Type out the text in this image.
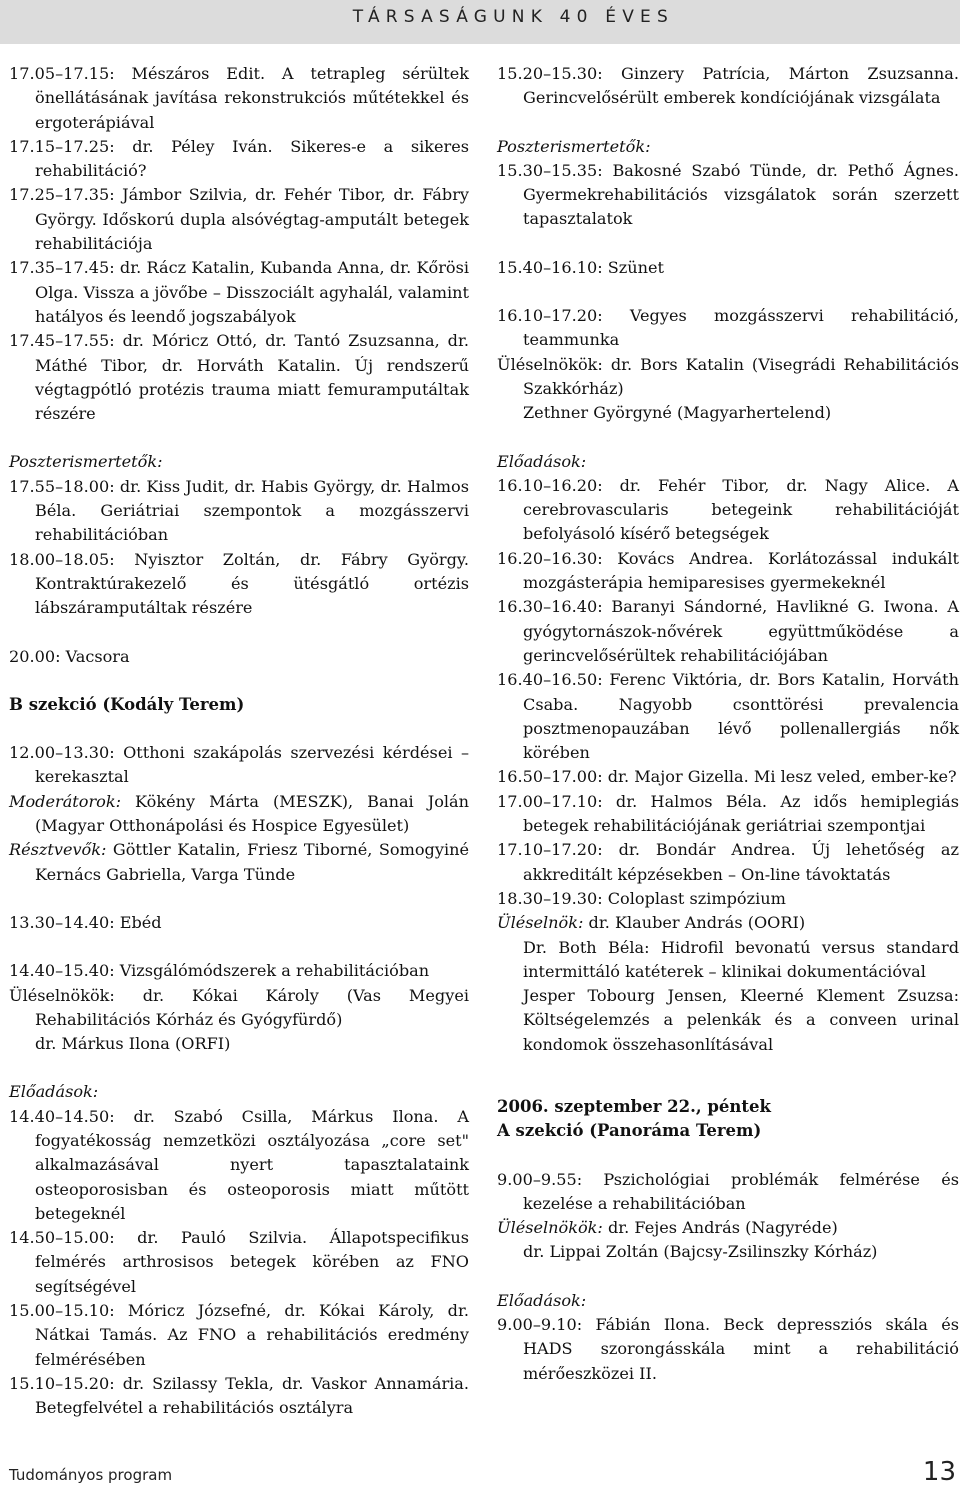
TÁRSASÁGUNK 40 ÉVES
17.05–17.15: Mészáros Edit. A tetrapleg sérültek önellátásának javítása rekonstrukciós műtétekkel és ergoterápiával
17.15–17.25: dr. Péley Iván. Sikeres-e a sikeres rehabilitáció?
17.25–17.35: Jámbor Szilvia, dr. Fehér Tibor, dr. Fábry György. Időskorú dupla alsóvégtag-amputált betegek rehabilitációja
17.35–17.45: dr. Rácz Katalin, Kubanda Anna, dr. Kőrösi Olga. Vissza a jövőbe – Disszociált agyhalál, valamint hatályos és leendő jogszabályok
17.45–17.55: dr. Móricz Ottó, dr. Tantó Zsuzsanna, dr. Máthé Tibor, dr. Horváth Katalin. Új rendszerű végtagpótló protézis trauma miatt femuramputáltak részére
Poszterismertetők:
17.55–18.00: dr. Kiss Judit, dr. Habis György, dr. Halmos Béla. Geriátriai szempontok a mozgásszervi rehabilitációban
18.00–18.05: Nyisztor Zoltán, dr. Fábry György. Kontraktúrakezelő és ütésgátló ortézis lábszáramputáltak részére
20.00: Vacsora
B szekció (Kodály Terem)
12.00–13.30: Otthoni szakápolás szervezési kérdései – kerekasztal
Moderátorok: Kökény Márta (MESZK), Banai Jolán (Magyar Otthonápolási és Hospice Egyesület)
Résztvevők: Göttler Katalin, Friesz Tiborné, Somogyiné Kernács Gabriella, Varga Tünde
13.30–14.40: Ebéd
14.40–15.40: Vizsgálómódszerek a rehabilitációban
Üléselnökök: dr. Kókai Károly (Vas Megyei Rehabilitációs Kórház és Gyógyfürdő)
dr. Márkus Ilona (ORFI)
Előadások:
14.40–14.50: dr. Szabó Csilla, Márkus Ilona. A fogyatékosság nemzetközi osztályozása „core set" alkalmazásával nyert tapasztalataink osteoporosisban és osteoporosis miatt műtött betegeknél
14.50–15.00: dr. Pauló Szilvia. Állapotspecifikus felmérés arthrosisos betegek körében az FNO segítségével
15.00–15.10: Móricz Józsefné, dr. Kókai Károly, dr. Nátkai Tamás. Az FNO a rehabilitációs eredmény felmérésében
15.10–15.20: dr. Szilassy Tekla, dr. Vaskor Annamária. Betegfelvétel a rehabilitációs osztályra
15.20–15.30: Ginzery Patrícia, Márton Zsuzsanna. Gerincvelősérült emberek kondíciójának vizsgálata
Poszterismertetők:
15.30–15.35: Bakosné Szabó Tünde, dr. Pethő Ágnes. Gyermekrehabilitációs vizsgálatok során szerzett tapasztalatok
15.40–16.10: Szünet
16.10–17.20: Vegyes mozgásszervi rehabilitáció, teammunka
Üléselnökök: dr. Bors Katalin (Visegrádi Rehabilitációs Szakkórház)
Zethner Györgyné (Magyarhertelend)
Előadások:
16.10–16.20: dr. Fehér Tibor, dr. Nagy Alice. A cerebrovascularis betegeink rehabilitációját befolyásoló kísérő betegségek
16.20–16.30: Kovács Andrea. Korlátozással indukált mozgásterápia hemiparesises gyermekeknél
16.30–16.40: Baranyi Sándorné, Havlikné G. Iwona. A gyógytornászok-nővérek együttműködése a gerincvelősérültek rehabilitációjában
16.40–16.50: Ferenc Viktória, dr. Bors Katalin, Horváth Csaba. Nagyobb csonttörési prevalencia posztmenopauzában lévő pollenallergiás nők körében
16.50–17.00: dr. Major Gizella. Mi lesz veled, ember-ke?
17.00–17.10: dr. Halmos Béla. Az idős hemiplegiás betegek rehabilitációjának geriátriai szempontjai
17.10–17.20: dr. Bondár Andrea. Új lehetőség az akkreditált képzésekben – On-line távoktatás
18.30–19.30: Coloplast szimpózium
Üléselnök: dr. Klauber András (OORI)
Dr. Both Béla: Hidrofil bevonatú versus standard intermittáló katéterek – klinikai dokumentációval
Jesper Tobourg Jensen, Kleerné Klement Zsuzsa: Költségelemzés a pelenkák és a conveen urinal kondomok összehasonlításával
2006. szeptember 22., péntek
A szekció (Panoráma Terem)
9.00–9.55: Pszichológiai problémák felmérése és kezelése a rehabilitációban
Üléselnökök: dr. Fejes András (Nagyréde)
dr. Lippai Zoltán (Bajcsy-Zsilinszky Kórház)
Előadások:
9.00–9.10: Fábián Ilona. Beck depressziós skála és HADS szorongásskála mint a rehabilitáció mérőeszközei II.
Tudományos program	13
